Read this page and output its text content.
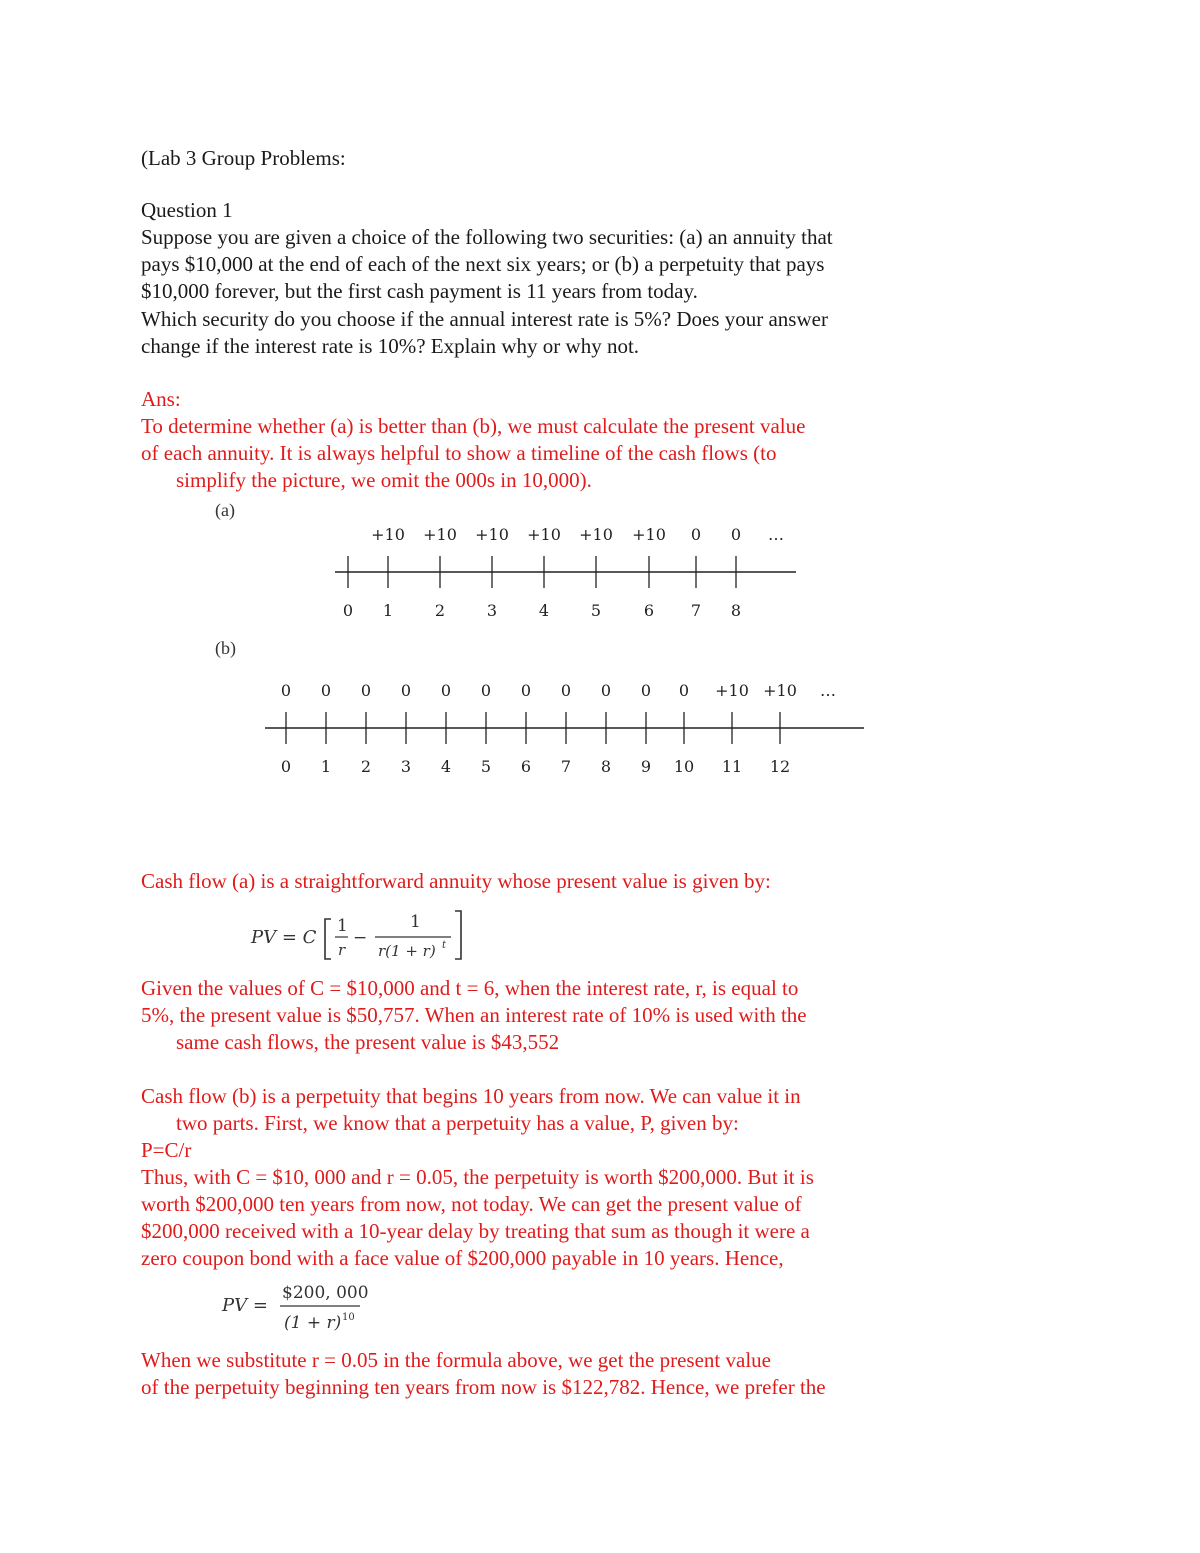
(Lab 3 Group Problems:
Question 1
Suppose you are given a choice of the following two securities: (a) an annuity that
pays $10,000 at the end of each of the next six years; or (b) a perpetuity that pays
$10,000 forever, but the first cash payment is 11 years from today.
Which security do you choose if the annual interest rate is 5%? Does your answer
change if the interest rate is 10%? Explain why or why not.
Ans:
To determine whether (a) is better than (b), we must calculate the present value
of each annuity. It is always helpful to show a timeline of the cash flows (to
simplify the picture, we omit the 000s in 10,000).
(a)
0 1	2	3	4	5	6 7 8
+10 +10 +10 +10 +10 +10 0 0 …
(b)
0 1 2 3 4 5 6 7 8 9 10 11 12
0 0 0 0 0 0 0 0 0 0 0 +10 +10 …
Cash flow (a) is a straightforward annuity whose present value is given by:
PV = C
1
r
−
1
r(1 + r) t
Given the values of C = $10,000 and t = 6, when the interest rate, r, is equal to
5%, the present value is $50,757. When an interest rate of 10% is used with the
same cash flows, the present value is $43,552
Cash flow (b) is a perpetuity that begins 10 years from now. We can value it in
two parts. First, we know that a perpetuity has a value, P, given by:
P=C/r
Thus, with C = $10, 000 and r = 0.05, the perpetuity is worth $200,000. But it is
worth $200,000 ten years from now, not today. We can get the present value of
$200,000 received with a 10-year delay by treating that sum as though it were a
zero coupon bond with a face value of $200,000 payable in 10 years. Hence,
PV =
$200, 000
(1 + r) 10
When we substitute r = 0.05 in the formula above, we get the present value
of the perpetuity beginning ten years from now is $122,782. Hence, we prefer the
